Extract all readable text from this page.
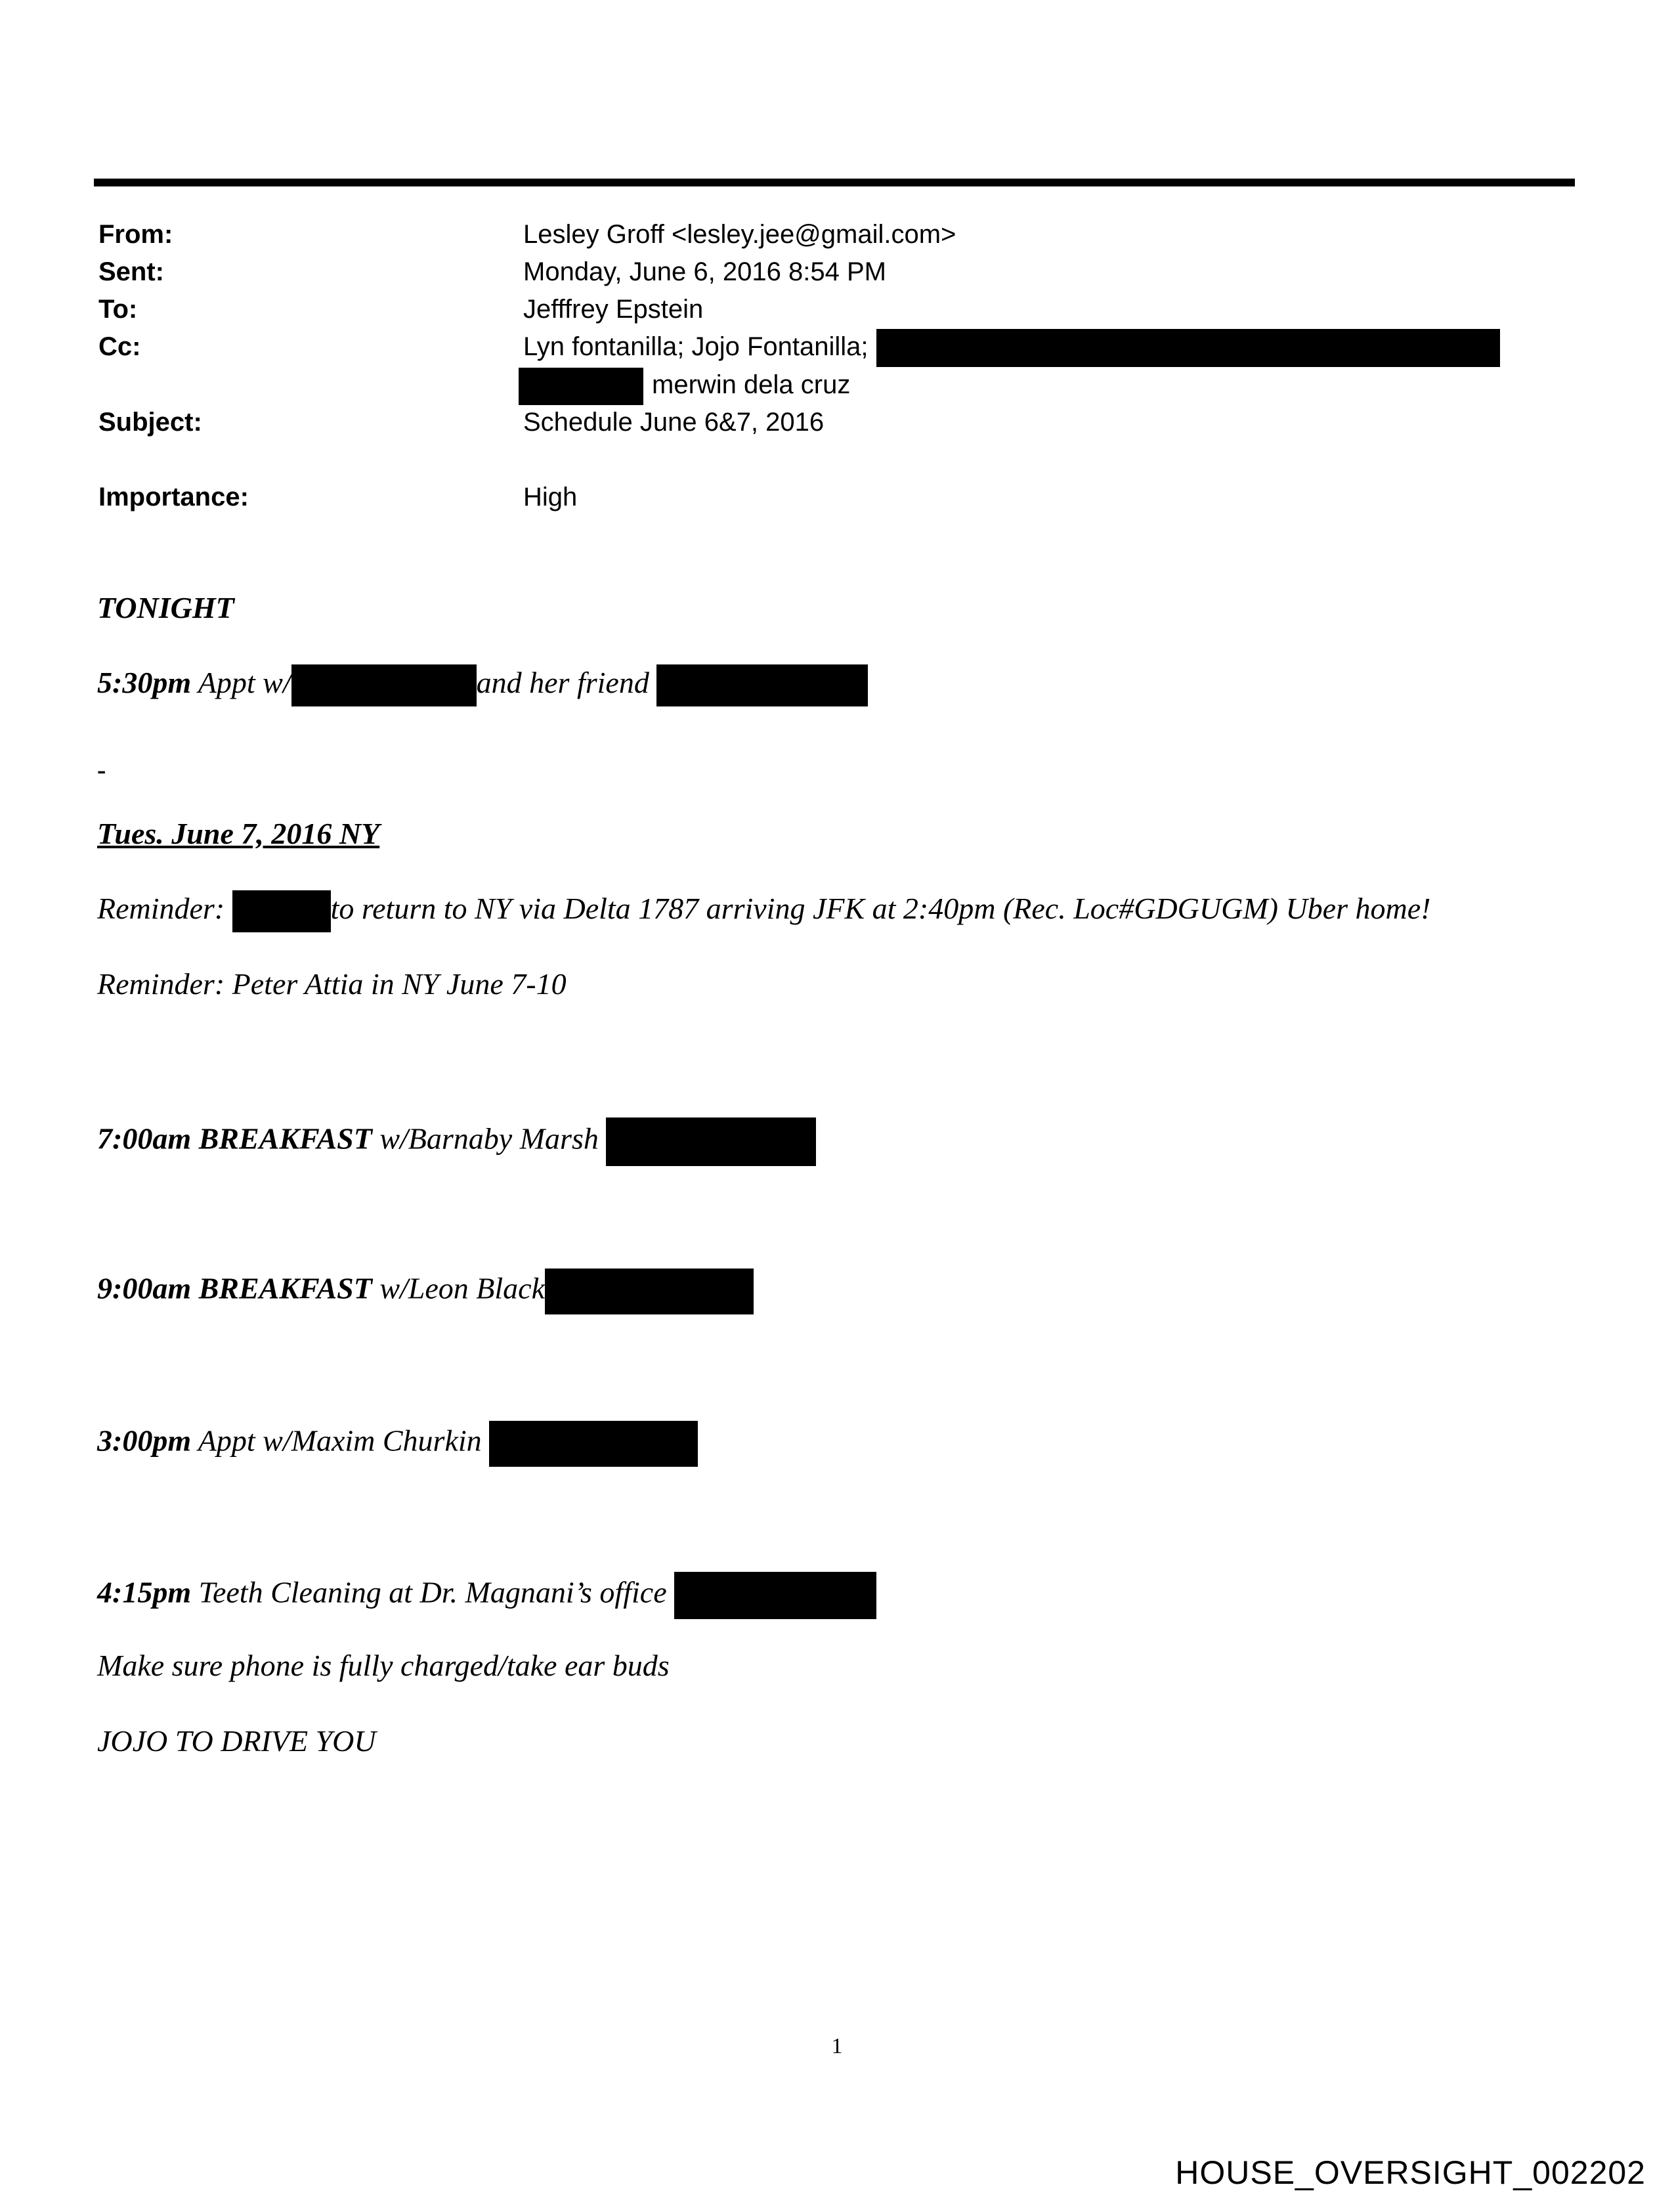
From:	Lesley Groff <lesley.jee@gmail.com>
Sent:	Monday, June 6, 2016 8:54 PM
To:	Jefffrey Epstein
Cc:	Lyn fontanilla; Jojo Fontanilla;
merwin dela cruz
Subject:	Schedule June 6&7, 2016
Importance:	High
TONIGHT
5:30pm Appt w/	and her friend
-
Tues. June 7, 2016 NY
Reminder:	to return to NY via Delta 1787 arriving JFK at 2:40pm (Rec. Loc#GDGUGM) Uber home!
Reminder: Peter Attia in NY June 7-10
7:00am BREAKFAST w/Barnaby Marsh
9:00am BREAKFAST w/Leon Black
3:00pm Appt w/Maxim Churkin
4:15pm Teeth Cleaning at Dr. Magnani’s office
Make sure phone is fully charged/take ear buds
JOJO TO DRIVE YOU
1
HOUSE_OVERSIGHT_002202
